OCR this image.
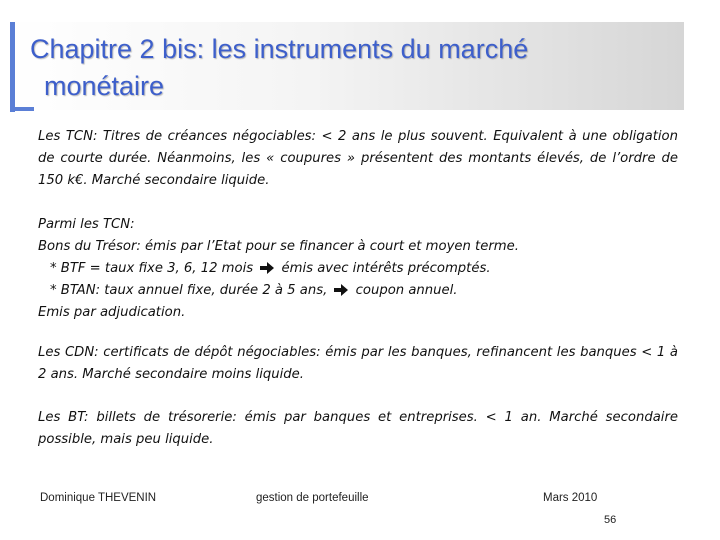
Chapitre 2 bis: les instruments du marché
monétaire
Les TCN: Titres de créances négociables: < 2 ans le plus souvent. Equivalent à une obligation de courte durée. Néanmoins, les « coupures » présentent des montants élevés, de l’ordre de 150 k€. Marché secondaire liquide.
Parmi les TCN:
Bons du Trésor: émis par l’Etat pour se financer à court et moyen terme.
* BTF = taux fixe 3, 6, 12 mois émis avec intérêts précomptés.
* BTAN: taux annuel fixe, durée 2 à 5 ans, coupon annuel.
Emis par adjudication.
Les CDN: certificats de dépôt négociables: émis par les banques, refinancent les banques < 1 à 2 ans. Marché secondaire moins liquide.
Les BT: billets de trésorerie: émis par banques et entreprises. < 1 an. Marché secondaire possible, mais peu liquide.
Dominique THEVENIN	gestion de portefeuille	Mars 2010
56
